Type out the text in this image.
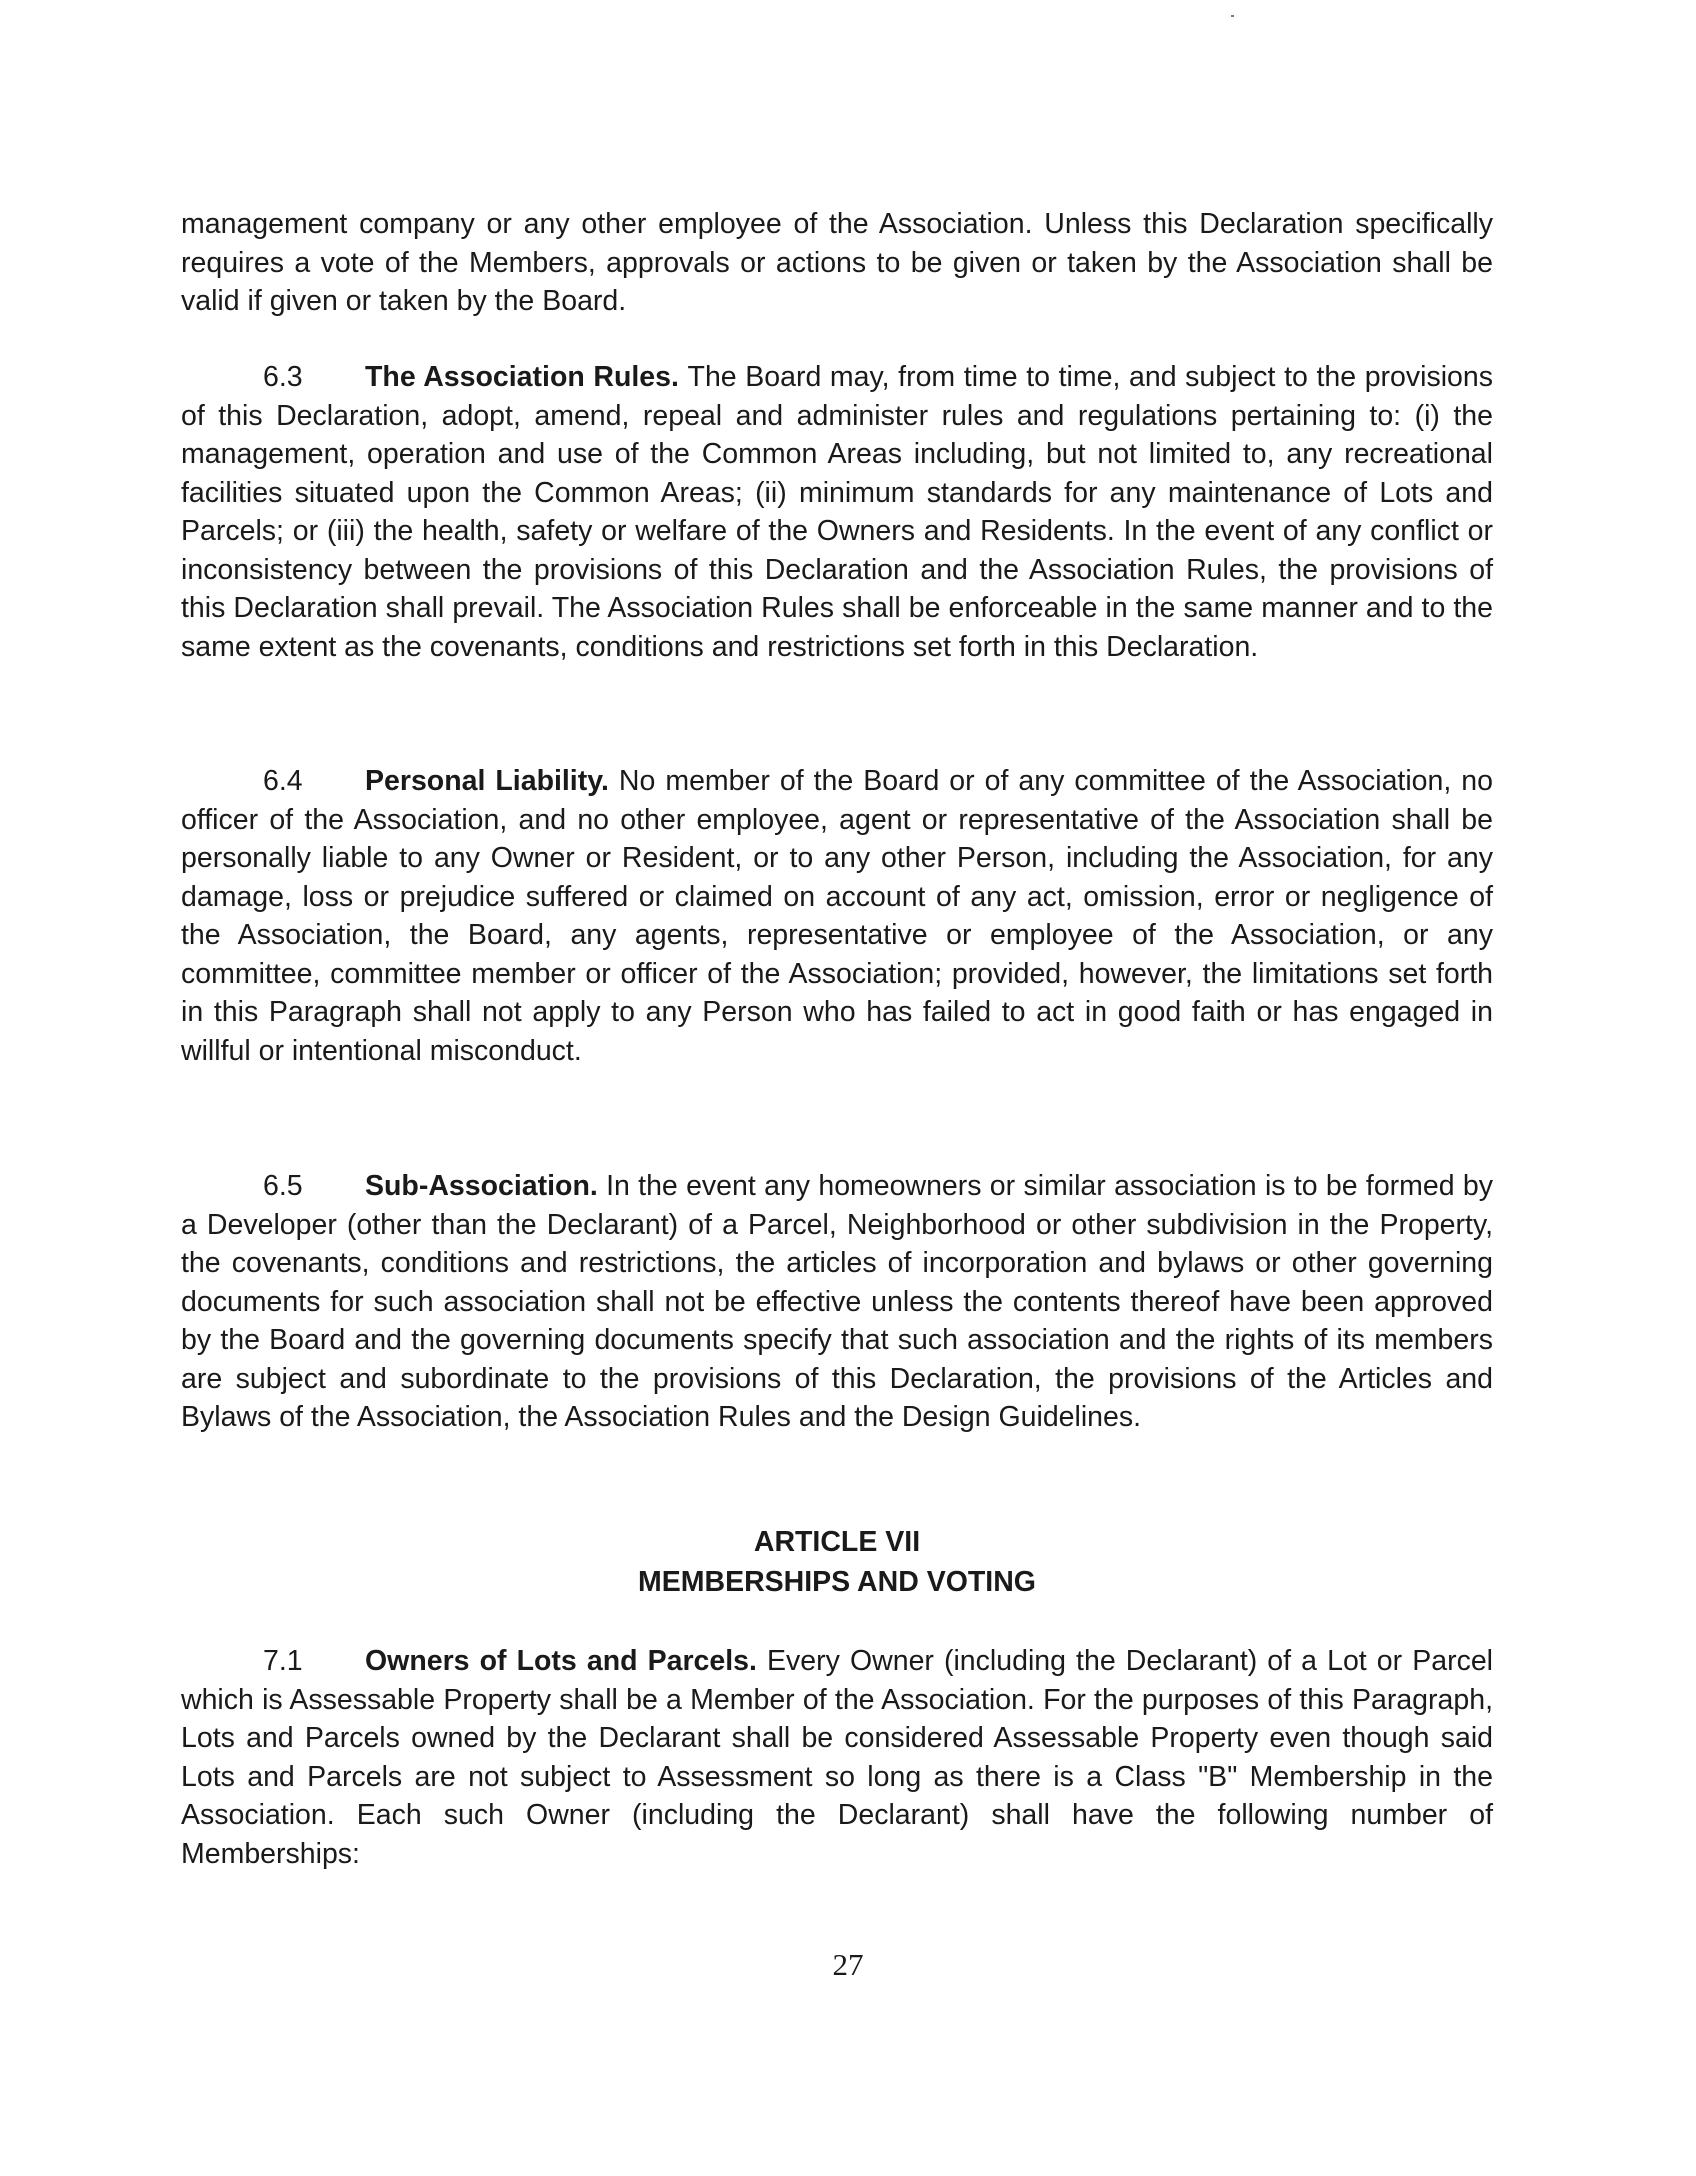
management company or any other employee of the Association. Unless this Declaration specifically requires a vote of the Members, approvals or actions to be given or taken by the Association shall be valid if given or taken by the Board.

6.3 The Association Rules. The Board may, from time to time, and subject to the provisions of this Declaration, adopt, amend, repeal and administer rules and regulations pertaining to: (i) the management, operation and use of the Common Areas including, but not limited to, any recreational facilities situated upon the Common Areas; (ii) minimum standards for any maintenance of Lots and Parcels; or (iii) the health, safety or welfare of the Owners and Residents. In the event of any conflict or inconsistency between the provisions of this Declaration and the Association Rules, the provisions of this Declaration shall prevail. The Association Rules shall be enforceable in the same manner and to the same extent as the covenants, conditions and restrictions set forth in this Declaration.

6.4 Personal Liability. No member of the Board or of any committee of the Association, no officer of the Association, and no other employee, agent or representative of the Association shall be personally liable to any Owner or Resident, or to any other Person, including the Association, for any damage, loss or prejudice suffered or claimed on account of any act, omission, error or negligence of the Association, the Board, any agents, representative or employee of the Association, or any committee, committee member or officer of the Association; provided, however, the limitations set forth in this Paragraph shall not apply to any Person who has failed to act in good faith or has engaged in willful or intentional misconduct.

6.5 Sub-Association. In the event any homeowners or similar association is to be formed by a Developer (other than the Declarant) of a Parcel, Neighborhood or other subdivision in the Property, the covenants, conditions and restrictions, the articles of incorporation and bylaws or other governing documents for such association shall not be effective unless the contents thereof have been approved by the Board and the governing documents specify that such association and the rights of its members are subject and subordinate to the provisions of this Declaration, the provisions of the Articles and Bylaws of the Association, the Association Rules and the Design Guidelines.

ARTICLE VII

MEMBERSHIPS AND VOTING

7.1 Owners of Lots and Parcels. Every Owner (including the Declarant) of a Lot or Parcel which is Assessable Property shall be a Member of the Association. For the purposes of this Paragraph, Lots and Parcels owned by the Declarant shall be considered Assessable Property even though said Lots and Parcels are not subject to Assessment so long as there is a Class "B" Membership in the Association. Each such Owner (including the Declarant) shall have the following number of Memberships:

27
